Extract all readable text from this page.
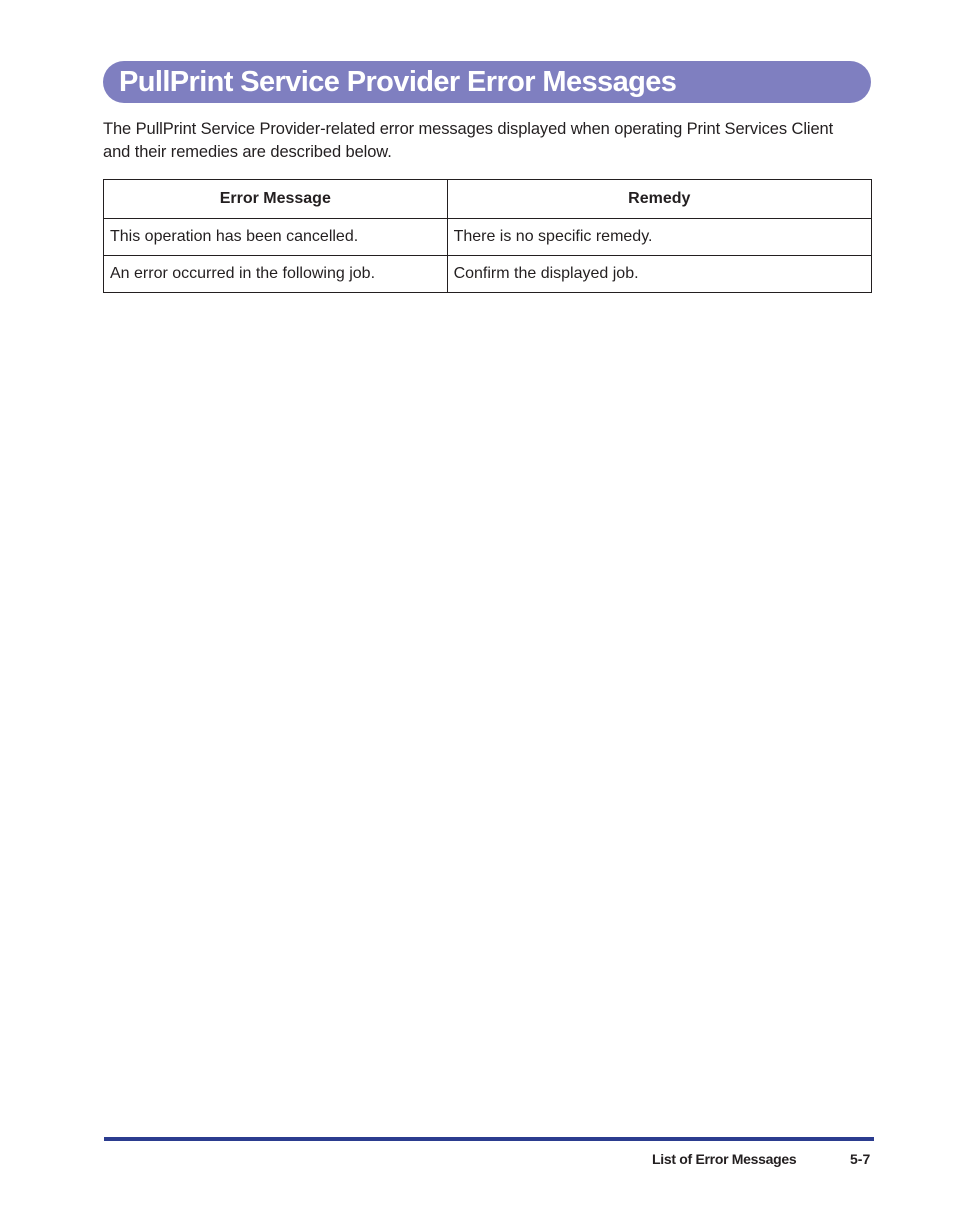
PullPrint Service Provider Error Messages

The PullPrint Service Provider-related error messages displayed when operating Print Services Client
and their remedies are described below.

Error Message	Remedy
This operation has been cancelled.	There is no specific remedy.
An error occurred in the following job.	Confirm the displayed job.
List of Error Messages	5-7
